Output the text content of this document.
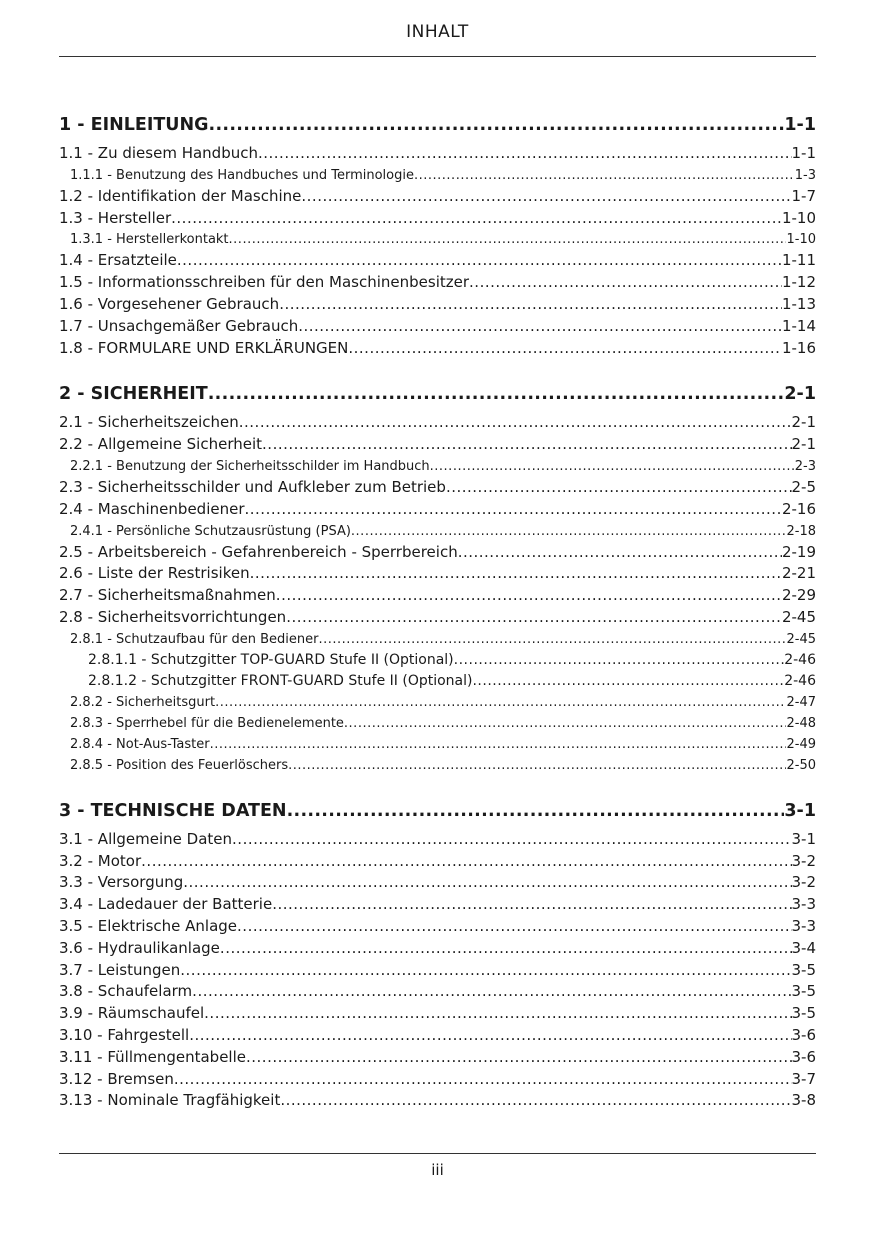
INHALT
1 - EINLEITUNG .....	1-1
1.1 - Zu diesem Handbuch .....	1-1
1.1.1 - Benutzung des Handbuches und Terminologie .....	1-3
1.2 - Identifikation der Maschine .....	1-7
1.3 - Hersteller .....	1-10
1.3.1 - Herstellerkontakt .....	1-10
1.4 - Ersatzteile .....	1-11
1.5 - Informationsschreiben für den Maschinenbesitzer .....	1-12
1.6 - Vorgesehener Gebrauch .....	1-13
1.7 - Unsachgemäßer Gebrauch .....	1-14
1.8 - FORMULARE UND ERKLÄRUNGEN .....	1-16
2 - SICHERHEIT .....	2-1
2.1 - Sicherheitszeichen .....	2-1
2.2 - Allgemeine Sicherheit .....	2-1
2.2.1 - Benutzung der Sicherheitsschilder im Handbuch .....	2-3
2.3 - Sicherheitsschilder und Aufkleber zum Betrieb .....	2-5
2.4 - Maschinenbediener .....	2-16
2.4.1 - Persönliche Schutzausrüstung (PSA) .....	2-18
2.5 - Arbeitsbereich - Gefahrenbereich - Sperrbereich .....	2-19
2.6 - Liste der Restrisiken .....	2-21
2.7 - Sicherheitsmaßnahmen .....	2-29
2.8 - Sicherheitsvorrichtungen .....	2-45
2.8.1 - Schutzaufbau für den Bediener .....	2-45
2.8.1.1 - Schutzgitter TOP-GUARD Stufe II (Optional) .....	2-46
2.8.1.2 - Schutzgitter FRONT-GUARD Stufe II (Optional) .....	2-46
2.8.2 - Sicherheitsgurt .....	2-47
2.8.3 - Sperrhebel für die Bedienelemente .....	2-48
2.8.4 - Not-Aus-Taster .....	2-49
2.8.5 - Position des Feuerlöschers .....	2-50
3 - TECHNISCHE DATEN .....	3-1
3.1 - Allgemeine Daten .....	3-1
3.2 - Motor .....	3-2
3.3 - Versorgung .....	3-2
3.4 - Ladedauer der Batterie .....	3-3
3.5 - Elektrische Anlage .....	3-3
3.6 - Hydraulikanlage .....	3-4
3.7 - Leistungen .....	3-5
3.8 - Schaufelarm .....	3-5
3.9 - Räumschaufel .....	3-5
3.10 - Fahrgestell .....	3-6
3.11 - Füllmengentabelle .....	3-6
3.12 - Bremsen .....	3-7
3.13 - Nominale Tragfähigkeit .....	3-8
iii
